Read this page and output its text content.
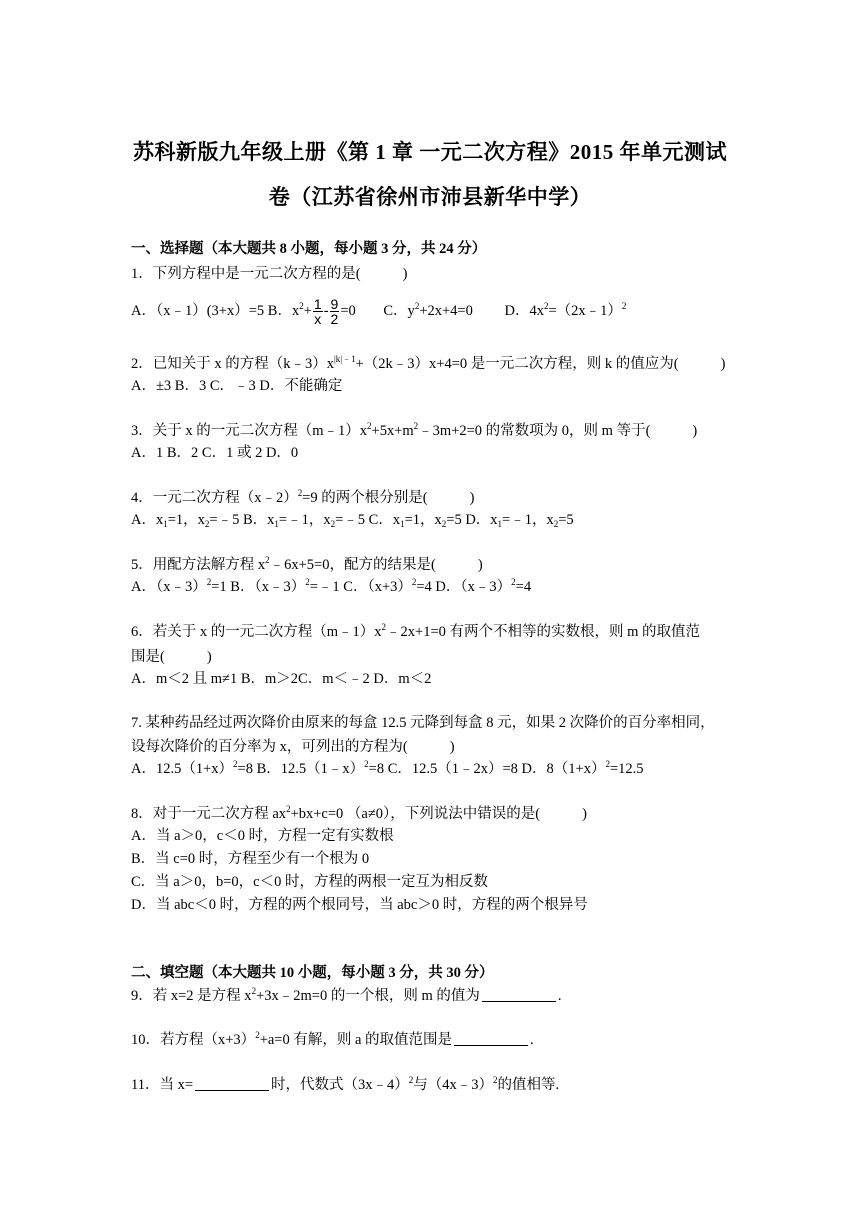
苏科新版九年级上册《第 1 章 一元二次方程》2015 年单元测试
卷（江苏省徐州市沛县新华中学）
一、选择题（本大题共 8 小题，每小题 3 分，共 24 分）
1．下列方程中是一元二次方程的是(	)
A．（x﹣1）(3+x）=5 B．$x^2+ \frac{1}{x} - \frac{9}{2} =0$ C．$y^2+2x+4=0$ D．$4x^2=(2x﹣1)^2$
2．已知关于 x 的方程$(k﹣3)x^{|k|﹣1}+(2k﹣3)x+4=0$ 是一元二次方程，则 k 的值应为(	)
A．±3 B．3 C．﹣3 D．不能确定
3．关于 x 的一元二次方程$(m﹣1)x^2+5x+m^2﹣3m+2=0$ 的常数项为 0，则 m 等于(	)
A．1 B．2 C．1 或 2 D．0
4．一元二次方程（x﹣2）$^2$=9 的两个根分别是(	)
A．$x_1=1$，$x_2=﹣5$ B．$x_1=﹣1$，$x_2=﹣5$ C．$x_1=1$，$x_2=5$ D．$x_1=﹣1$，$x_2=5$
5．用配方法解方程 $x^2﹣6x+5=0$，配方的结果是(	)
A．（x﹣3）$^2$=1 B．（x﹣3）$^2$=﹣1 C．$(x+3)^2=4$ D．（x﹣3）$^2$=4
6．若关于 x 的一元二次方程$(m﹣1)x^2﹣2x+1=0$ 有两个不相等的实数根，则 m 的取值范
围是(	)
A．m＜2 且 m≠1 B．m＞2C．m＜﹣2 D．m＜2
7. 某种药品经过两次降价由原来的每盒 12.5 元降到每盒 8 元，如果 2 次降价的百分率相同，
设每次降价的百分率为 x，可列出的方程为(	)
A．$12.5(1+x)^2=8$ B．12.5（1﹣x）$^2$=8 C．12.5（1﹣2x）=8 D．$8(1+x)^2=12.5$
8．对于一元二次方程 $ax^2+bx+c=0$ （a≠0），下列说法中错误的是(	)
A．当 a＞0，c＜0 时，方程一定有实数根
B．当 c=0 时，方程至少有一个根为 0
C．当 a＞0，b=0，c＜0 时，方程的两根一定互为相反数
D．当 abc＜0 时，方程的两个根同号，当 abc＞0 时，方程的两个根异号
二、填空题（本大题共 10 小题，每小题 3 分，共 30 分）
9．若 x=2 是方程 $x^2+3x﹣2m=0$ 的一个根，则 m 的值为	.
10．若方程$(x+3)^2+a=0$ 有解，则 a 的取值范围是	.
11．当 x=	时，代数式（3x﹣4）$^2$与（4x﹣3）$^2$的值相等.
